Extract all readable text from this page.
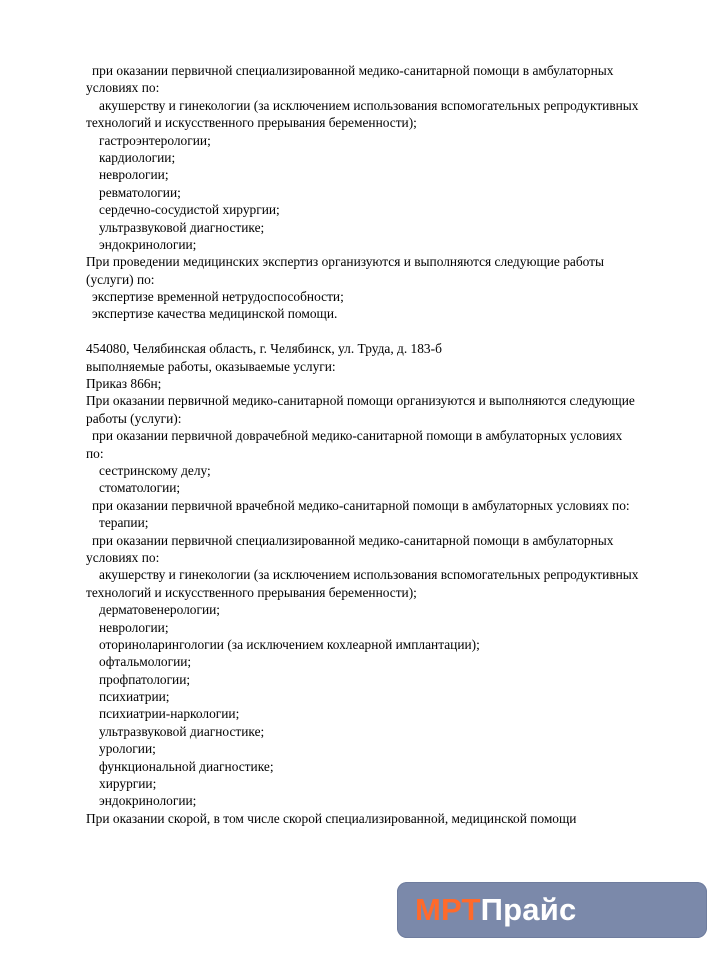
при оказании первичной специализированной медико-санитарной помощи в амбулаторных
условиях по:
акушерству и гинекологии (за исключением использования вспомогательных репродуктивных
технологий и искусственного прерывания беременности);
гастроэнтерологии;
кардиологии;
неврологии;
ревматологии;
сердечно-сосудистой хирургии;
ультразвуковой диагностике;
эндокринологии;
При проведении медицинских экспертиз организуются и выполняются следующие работы
(услуги) по:
экспертизе временной нетрудоспособности;
экспертизе качества медицинской помощи.
454080, Челябинская область, г. Челябинск, ул. Труда, д. 183-б
выполняемые работы, оказываемые услуги:
Приказ 866н;
При оказании первичной медико-санитарной помощи организуются и выполняются следующие
работы (услуги):
при оказании первичной доврачебной медико-санитарной помощи в амбулаторных условиях
по:
сестринскому делу;
стоматологии;
при оказании первичной врачебной медико-санитарной помощи в амбулаторных условиях по:
терапии;
при оказании первичной специализированной медико-санитарной помощи в амбулаторных
условиях по:
акушерству и гинекологии (за исключением использования вспомогательных репродуктивных
технологий и искусственного прерывания беременности);
дерматовенерологии;
неврологии;
оториноларингологии (за исключением кохлеарной имплантации);
офтальмологии;
профпатологии;
психиатрии;
психиатрии-наркологии;
ультразвуковой диагностике;
урологии;
функциональной диагностике;
хирургии;
эндокринологии;
При оказании скорой, в том числе скорой специализированной, медицинской помощи
МРТПрайс
